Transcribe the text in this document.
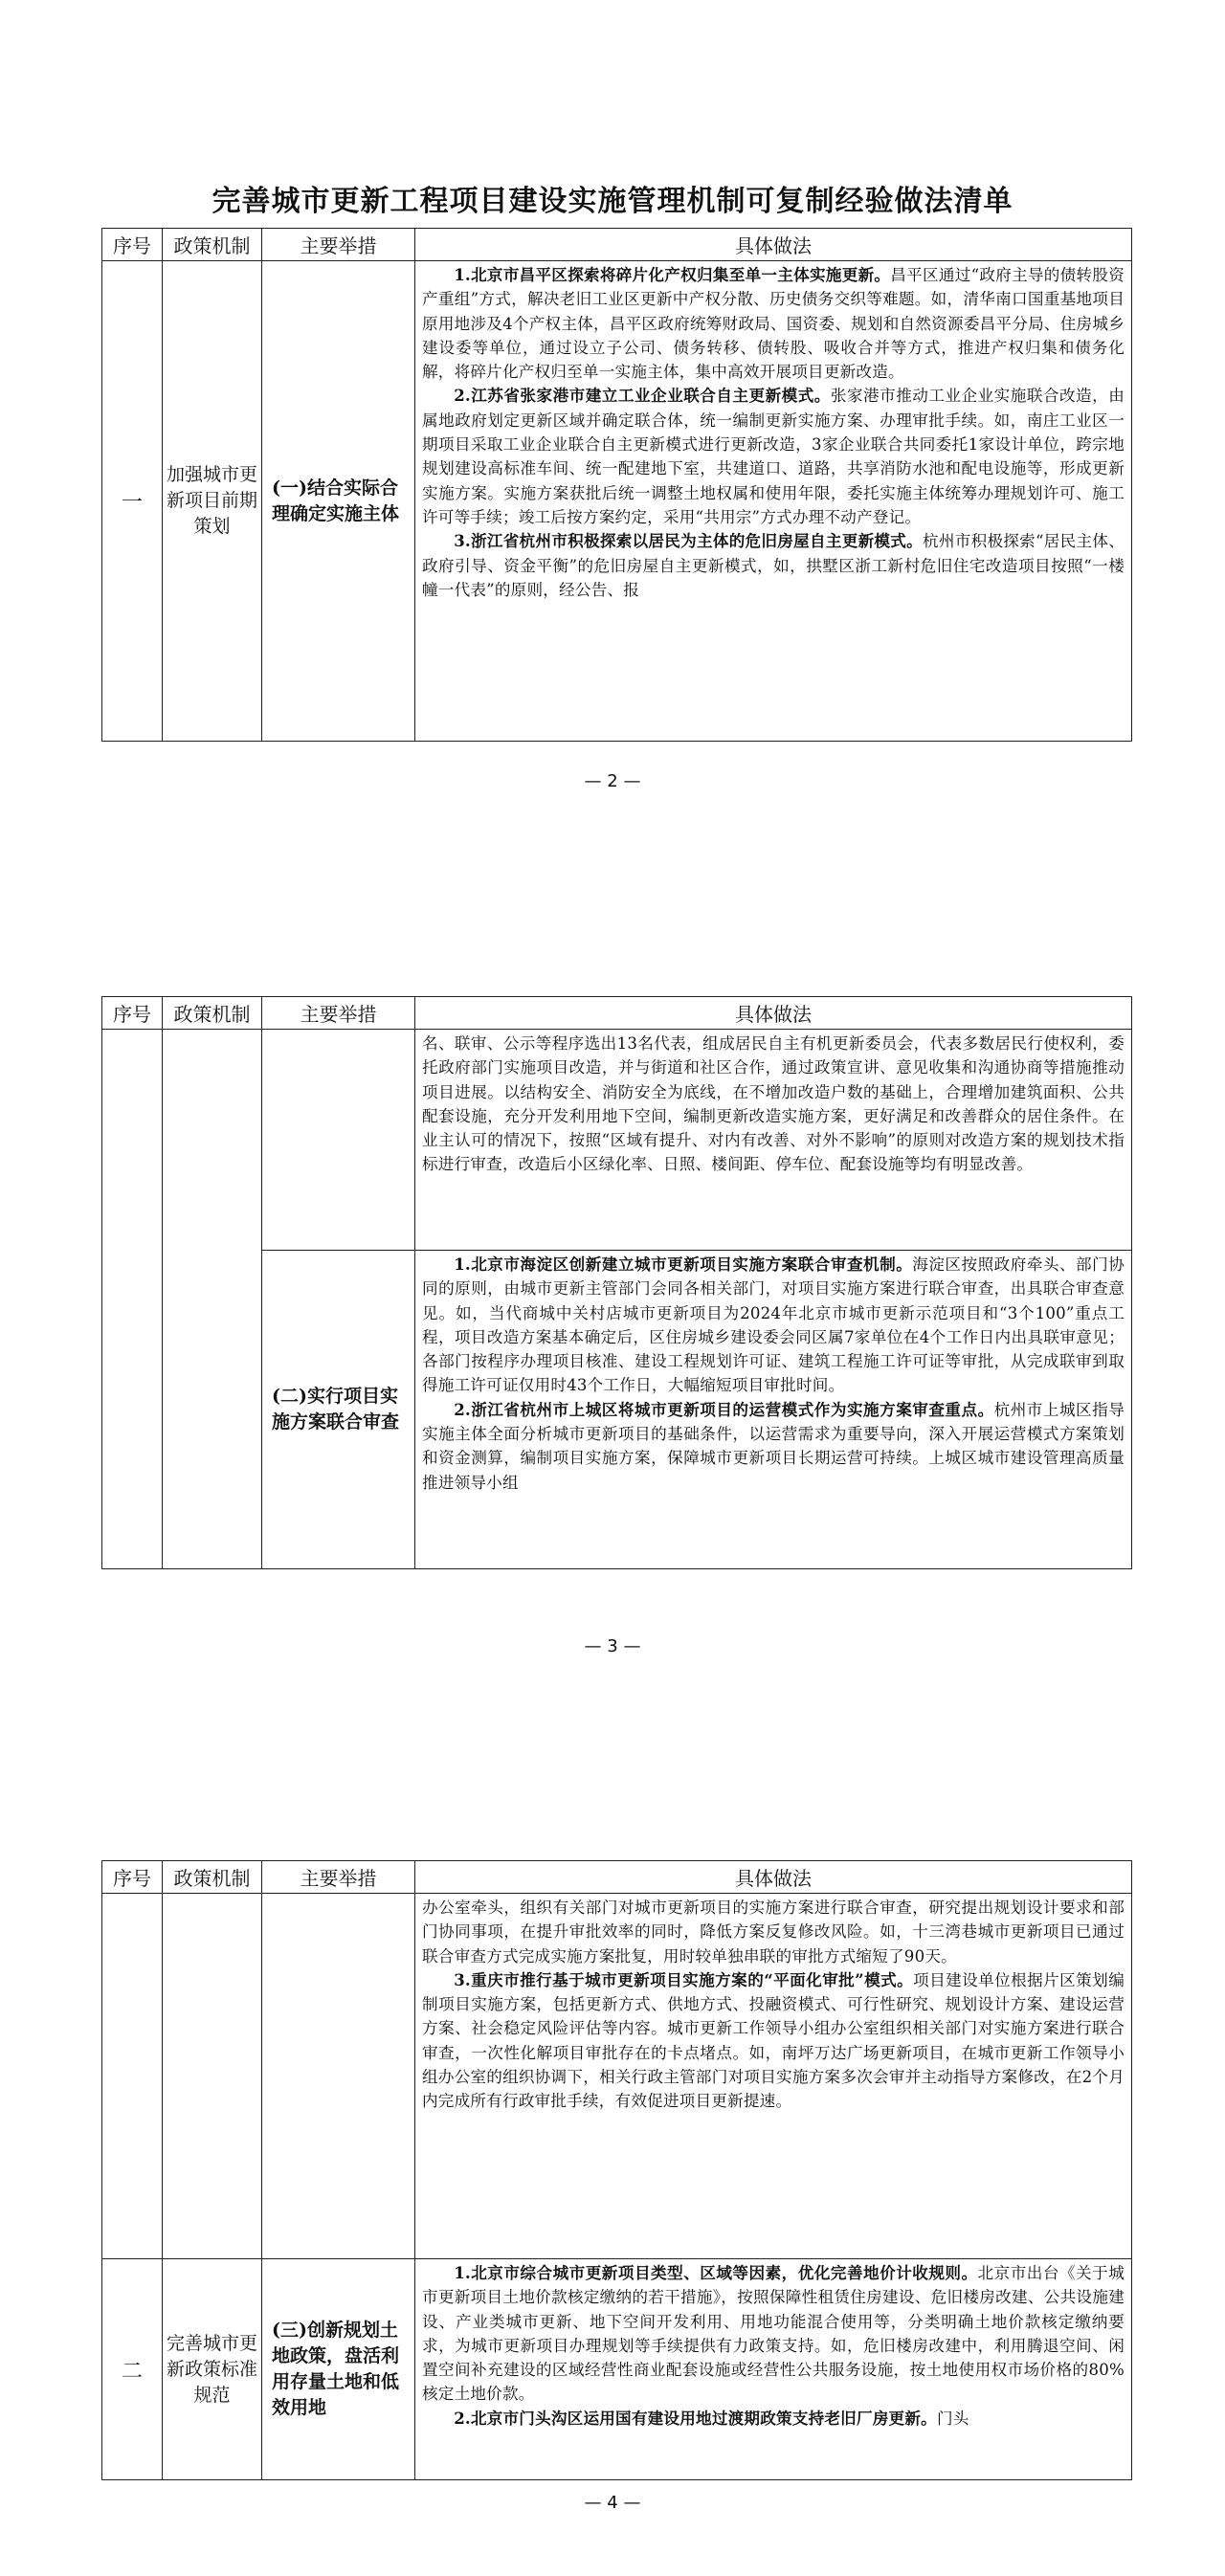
完善城市更新工程项目建设实施管理机制可复制经验做法清单
序号	政策机制	主要举措	具体做法
一	加强城市更新项目前期策划	(一)结合实际合理确定实施主体	1.北京市昌平区探索将碎片化产权归集至单一主体实施更新。昌平区通过“政府主导的债转股资产重组”方式，解决老旧工业区更新中产权分散、历史债务交织等难题。如，清华南口国重基地项目原用地涉及4个产权主体，昌平区政府统筹财政局、国资委、规划和自然资源委昌平分局、住房城乡建设委等单位，通过设立子公司、债务转移、债转股、吸收合并等方式，推进产权归集和债务化解，将碎片化产权归至单一实施主体，集中高效开展项目更新改造。

2.江苏省张家港市建立工业企业联合自主更新模式。张家港市推动工业企业实施联合改造，由属地政府划定更新区域并确定联合体，统一编制更新实施方案、办理审批手续。如，南庄工业区一期项目采取工业企业联合自主更新模式进行更新改造，3家企业联合共同委托1家设计单位，跨宗地规划建设高标准车间、统一配建地下室，共建道口、道路，共享消防水池和配电设施等，形成更新实施方案。实施方案获批后统一调整土地权属和使用年限，委托实施主体统筹办理规划许可、施工许可等手续；竣工后按方案约定，采用“共用宗”方式办理不动产登记。

3.浙江省杭州市积极探索以居民为主体的危旧房屋自主更新模式。杭州市积极探索“居民主体、政府引导、资金平衡”的危旧房屋自主更新模式，如，拱墅区浙工新村危旧住宅改造项目按照“一楼幢一代表”的原则，经公告、报

— 2 —
序号	政策机制	主要举措	具体做法

			名、联审、公示等程序选出13名代表，组成居民自主有机更新委员会，代表多数居民行使权利，委托政府部门实施项目改造，并与街道和社区合作，通过政策宣讲、意见收集和沟通协商等措施推动项目进展。以结构安全、消防安全为底线，在不增加改造户数的基础上，合理增加建筑面积、公共配套设施，充分开发利用地下空间，编制更新改造实施方案，更好满足和改善群众的居住条件。在业主认可的情况下，按照“区域有提升、对内有改善、对外不影响”的原则对改造方案的规划技术指标进行审查，改造后小区绿化率、日照、楼间距、停车位、配套设施等均有明显改善。

		(二)实行项目实施方案联合审查	1.北京市海淀区创新建立城市更新项目实施方案联合审查机制。海淀区按照政府牵头、部门协同的原则，由城市更新主管部门会同各相关部门，对项目实施方案进行联合审查，出具联合审查意见。如，当代商城中关村店城市更新项目为2024年北京市城市更新示范项目和“3个100”重点工程，项目改造方案基本确定后，区住房城乡建设委会同区属7家单位在4个工作日内出具联审意见；各部门按程序办理项目核准、建设工程规划许可证、建筑工程施工许可证等审批，从完成联审到取得施工许可证仅用时43个工作日，大幅缩短项目审批时间。

2.浙江省杭州市上城区将城市更新项目的运营模式作为实施方案审查重点。杭州市上城区指导实施主体全面分析城市更新项目的基础条件，以运营需求为重要导向，深入开展运营模式方案策划和资金测算，编制项目实施方案，保障城市更新项目长期运营可持续。上城区城市建设管理高质量推进领导小组

— 3 —
序号	政策机制	主要举措	具体做法

			办公室牵头，组织有关部门对城市更新项目的实施方案进行联合审查，研究提出规划设计要求和部门协同事项，在提升审批效率的同时，降低方案反复修改风险。如，十三湾巷城市更新项目已通过联合审查方式完成实施方案批复，用时较单独串联的审批方式缩短了90天。

3.重庆市推行基于城市更新项目实施方案的“平面化审批”模式。项目建设单位根据片区策划编制项目实施方案，包括更新方式、供地方式、投融资模式、可行性研究、规划设计方案、建设运营方案、社会稳定风险评估等内容。城市更新工作领导小组办公室组织相关部门对实施方案进行联合审查，一次性化解项目审批存在的卡点堵点。如，南坪万达广场更新项目，在城市更新工作领导小组办公室的组织协调下，相关行政主管部门对项目实施方案多次会审并主动指导方案修改，在2个月内完成所有行政审批手续，有效促进项目更新提速。

二	完善城市更新政策标准规范	(三)创新规划土地政策，盘活利用存量土地和低效用地	1.北京市综合城市更新项目类型、区域等因素，优化完善地价计收规则。北京市出台《关于城市更新项目土地价款核定缴纳的若干措施》，按照保障性租赁住房建设、危旧楼房改建、公共设施建设、产业类城市更新、地下空间开发利用、用地功能混合使用等，分类明确土地价款核定缴纳要求，为城市更新项目办理规划等手续提供有力政策支持。如，危旧楼房改建中，利用腾退空间、闲置空间补充建设的区域经营性商业配套设施或经营性公共服务设施，按土地使用权市场价格的80%核定土地价款。

2.北京市门头沟区运用国有建设用地过渡期政策支持老旧厂房更新。门头

— 4 —
